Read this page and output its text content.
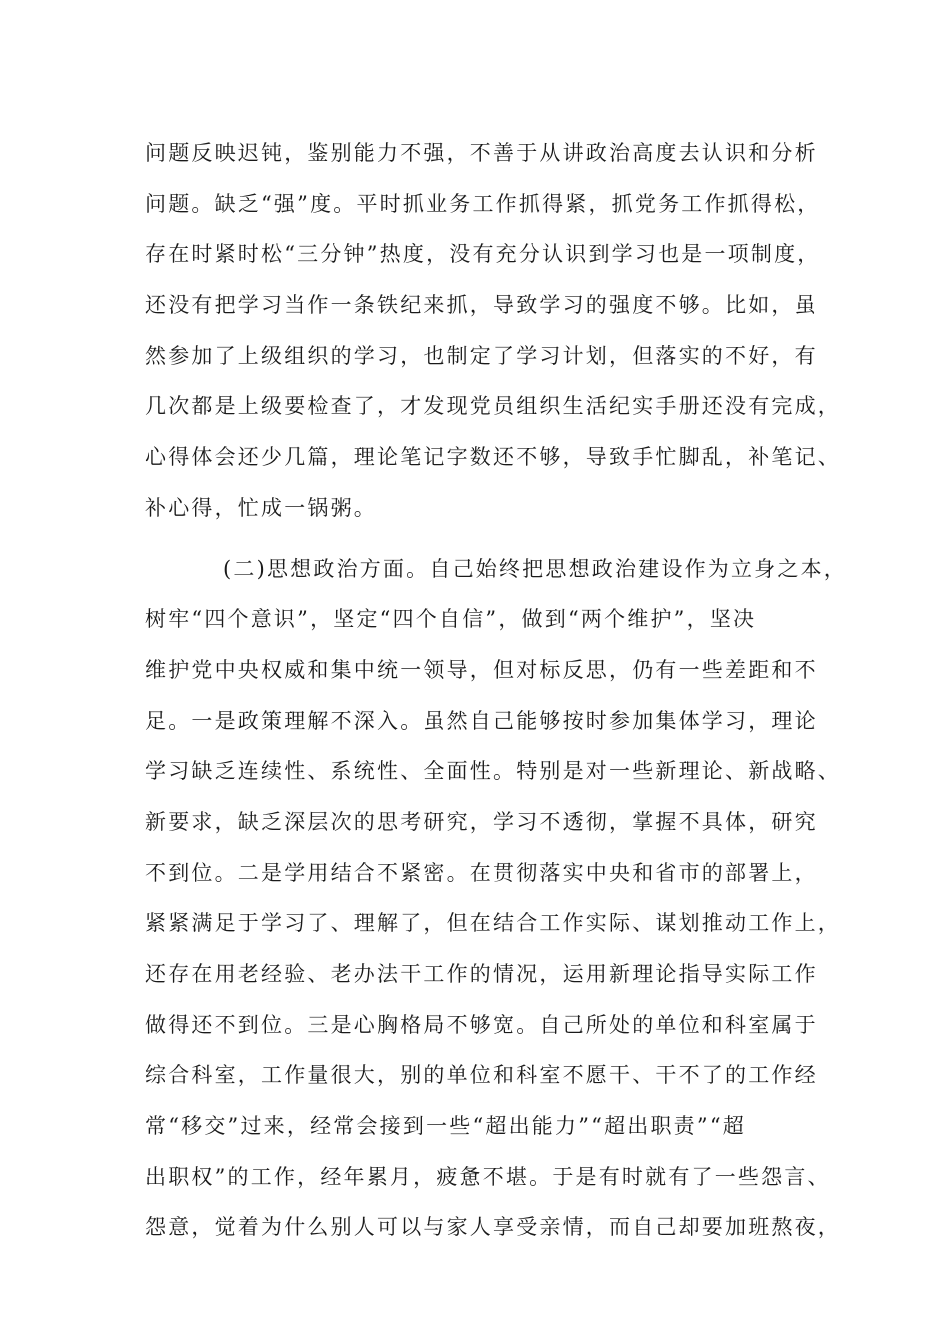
问题反映迟钝，鉴别能力不强，不善于从讲政治高度去认识和分析
问题。缺乏“强”度。平时抓业务工作抓得紧，抓党务工作抓得松，
存在时紧时松“三分钟”热度，没有充分认识到学习也是一项制度，
还没有把学习当作一条铁纪来抓，导致学习的强度不够。比如，虽
然参加了上级组织的学习，也制定了学习计划，但落实的不好，有
几次都是上级要检查了，才发现党员组织生活纪实手册还没有完成，
心得体会还少几篇，理论笔记字数还不够，导致手忙脚乱，补笔记、
补心得，忙成一锅粥。
(二)思想政治方面。自己始终把思想政治建设作为立身之本，
树牢“四个意识”，坚定“四个自信”，做到“两个维护”，坚决
维护党中央权威和集中统一领导，但对标反思，仍有一些差距和不
足。一是政策理解不深入。虽然自己能够按时参加集体学习，理论
学习缺乏连续性、系统性、全面性。特别是对一些新理论、新战略、
新要求，缺乏深层次的思考研究，学习不透彻，掌握不具体，研究
不到位。二是学用结合不紧密。在贯彻落实中央和省市的部署上，
紧紧满足于学习了、理解了，但在结合工作实际、谋划推动工作上，
还存在用老经验、老办法干工作的情况，运用新理论指导实际工作
做得还不到位。三是心胸格局不够宽。自己所处的单位和科室属于
综合科室，工作量很大，别的单位和科室不愿干、干不了的工作经
常“移交”过来，经常会接到一些“超出能力”“超出职责”“超
出职权”的工作，经年累月，疲惫不堪。于是有时就有了一些怨言、
怨意，觉着为什么别人可以与家人享受亲情，而自己却要加班熬夜，
